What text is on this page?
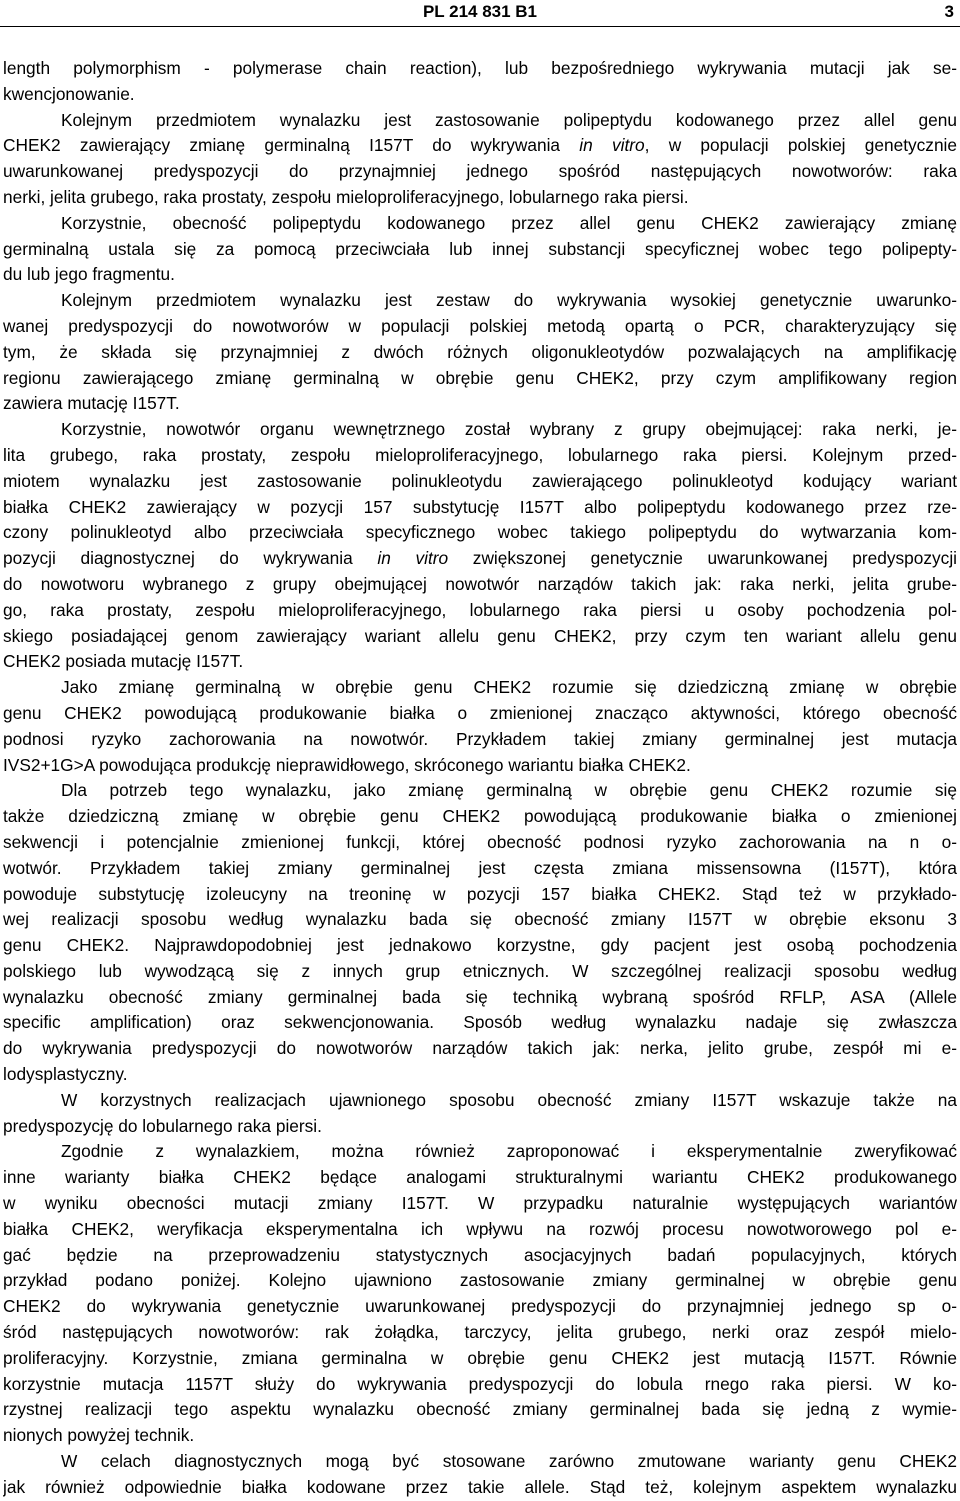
PL 214 831 B1	3
length polymorphism - polymerase chain reaction), lub bezpośredniego wykrywania mutacji jak se-
kwencjonowanie.
Kolejnym przedmiotem wynalazku jest zastosowanie polipeptydu kodowanego przez allel genu
CHEK2 zawierający zmianę germinalną I157T do wykrywania in vitro, w populacji polskiej genetycznie
uwarunkowanej predyspozycji do przynajmniej jednego spośród następujących nowotworów: raka
nerki, jelita grubego, raka prostaty, zespołu mieloproliferacyjnego, lobularnego raka piersi.
Korzystnie, obecność polipeptydu kodowanego przez allel genu CHEK2 zawierający zmianę
germinalną ustala się za pomocą przeciwciała lub innej substancji specyficznej wobec tego polipepty-
du lub jego fragmentu.
Kolejnym przedmiotem wynalazku jest zestaw do wykrywania wysokiej genetycznie uwarunko-
wanej predyspozycji do nowotworów w populacji polskiej metodą opartą o PCR, charakteryzujący się
tym, że składa się przynajmniej z dwóch różnych oligonukleotydów pozwalających na amplifikację
regionu zawierającego zmianę germinalną w obrębie genu CHEK2, przy czym amplifikowany region
zawiera mutację I157T.
Korzystnie, nowotwór organu wewnętrznego został wybrany z grupy obejmującej: raka nerki, je-
lita grubego, raka prostaty, zespołu mieloproliferacyjnego, lobularnego raka piersi. Kolejnym przed-
miotem wynalazku jest zastosowanie polinukleotydu zawierającego polinukleotyd kodujący wariant
białka CHEK2 zawierający w pozycji 157 substytucję I157T albo polipeptydu kodowanego przez rze-
czony polinukleotyd albo przeciwciała specyficznego wobec takiego polipeptydu do wytwarzania kom-
pozycji diagnostycznej do wykrywania in vitro zwiększonej genetycznie uwarunkowanej predyspozycji
do nowotworu wybranego z grupy obejmującej nowotwór narządów takich jak: raka nerki, jelita grube-
go, raka prostaty, zespołu mieloproliferacyjnego, lobularnego raka piersi u osoby pochodzenia pol-
skiego posiadającej genom zawierający wariant allelu genu CHEK2, przy czym ten wariant allelu genu
CHEK2 posiada mutację I157T.
Jako zmianę germinalną w obrębie genu CHEK2 rozumie się dziedziczną zmianę w obrębie
genu CHEK2 powodującą produkowanie białka o zmienionej znacząco aktywności, którego obecność
podnosi ryzyko zachorowania na nowotwór. Przykładem takiej zmiany germinalnej jest mutacja
IVS2+1G>A powodująca produkcję nieprawidłowego, skróconego wariantu białka CHEK2.
Dla potrzeb tego wynalazku, jako zmianę germinalną w obrębie genu CHEK2 rozumie się
także dziedziczną zmianę w obrębie genu CHEK2 powodującą produkowanie białka o zmienionej
sekwencji i potencjalnie zmienionej funkcji, której obecność podnosi ryzyko zachorowania na n o-
wotwór. Przykładem takiej zmiany germinalnej jest częsta zmiana missensowna (I157T), która
powoduje substytucję izoleucyny na treoninę w pozycji 157 białka CHEK2. Stąd też w przykłado-
wej realizacji sposobu według wynalazku bada się obecność zmiany I157T w obrębie eksonu 3
genu CHEK2. Najprawdopodobniej jest jednakowo korzystne, gdy pacjent jest osobą pochodzenia
polskiego lub wywodzącą się z innych grup etnicznych. W szczególnej realizacji sposobu według
wynalazku obecność zmiany germinalnej bada się techniką wybraną spośród RFLP, ASA (Allele
specific amplification) oraz sekwencjonowania. Sposób według wynalazku nadaje się zwłaszcza
do wykrywania predyspozycji do nowotworów narządów takich jak: nerka, jelito grube, zespół mi e-
lodysplastyczny.
W korzystnych realizacjach ujawnionego sposobu obecność zmiany I157T wskazuje także na
predyspozycję do lobularnego raka piersi.
Zgodnie z wynalazkiem, można również zaproponować i eksperymentalnie zweryfikować
inne warianty białka CHEK2 będące analogami strukturalnymi wariantu CHEK2 produkowanego
w wyniku obecności mutacji zmiany I157T. W przypadku naturalnie występujących wariantów
białka CHEK2, weryfikacja eksperymentalna ich wpływu na rozwój procesu nowotworowego pol e-
gać będzie na przeprowadzeniu statystycznych asocjacyjnych badań populacyjnych, których
przykład podano poniżej. Kolejno ujawniono zastosowanie zmiany germinalnej w obrębie genu
CHEK2 do wykrywania genetycznie uwarunkowanej predyspozycji do przynajmniej jednego sp o-
śród następujących nowotworów: rak żołądka, tarczycy, jelita grubego, nerki oraz zespół mielo-
proliferacyjny. Korzystnie, zmiana germinalna w obrębie genu CHEK2 jest mutacją I157T. Równie
korzystnie mutacja 1157T służy do wykrywania predyspozycji do lobula rnego raka piersi. W ko-
rzystnej realizacji tego aspektu wynalazku obecność zmiany germinalnej bada się jedną z wymie-
nionych powyżej technik.
W celach diagnostycznych mogą być stosowane zarówno zmutowane warianty genu CHEK2
jak również odpowiednie białka kodowane przez takie allele. Stąd też, kolejnym aspektem wynalazku
